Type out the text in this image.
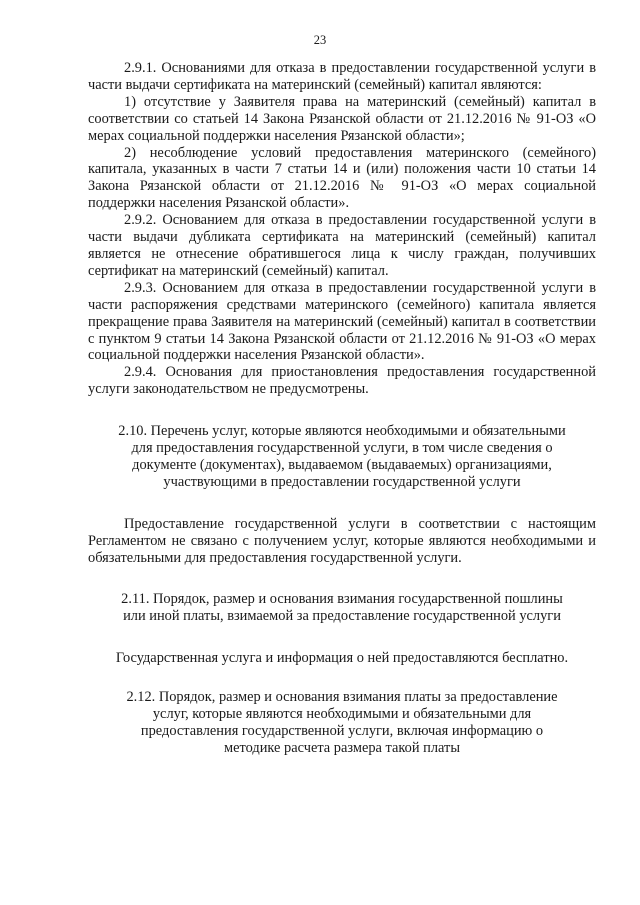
23

2.9.1. Основаниями для отказа в предоставлении государственной услуги в части выдачи сертификата на материнский (семейный) капитал являются:

1) отсутствие у Заявителя права на материнский (семейный) капитал в соответствии со статьей 14 Закона Рязанской области от 21.12.2016 № 91-ОЗ «О мерах социальной поддержки населения Рязанской области»;

2) несоблюдение условий предоставления материнского (семейного) капитала, указанных в части 7 статьи 14 и (или) положения части 10 статьи 14 Закона Рязанской области от 21.12.2016 № 91-ОЗ «О мерах социальной поддержки населения Рязанской области».

2.9.2. Основанием для отказа в предоставлении государственной услуги в части выдачи дубликата сертификата на материнский (семейный) капитал является не отнесение обратившегося лица к числу граждан, получивших сертификат на материнский (семейный) капитал.

2.9.3. Основанием для отказа в предоставлении государственной услуги в части распоряжения средствами материнского (семейного) капитала является прекращение права Заявителя на материнский (семейный) капитал в соответствии с пунктом 9 статьи 14 Закона Рязанской области от 21.12.2016 № 91-ОЗ «О мерах социальной поддержки населения Рязанской области».

2.9.4. Основания для приостановления предоставления государственной услуги законодательством не предусмотрены.

2.10. Перечень услуг, которые являются необходимыми и обязательными для предоставления государственной услуги, в том числе сведения о документе (документах), выдаваемом (выдаваемых) организациями, участвующими в предоставлении государственной услуги

Предоставление государственной услуги в соответствии с настоящим Регламентом не связано с получением услуг, которые являются необходимыми и обязательными для предоставления государственной услуги.

2.11. Порядок, размер и основания взимания государственной пошлины или иной платы, взимаемой за предоставление государственной услуги

Государственная услуга и информация о ней предоставляются бесплатно.

2.12. Порядок, размер и основания взимания платы за предоставление услуг, которые являются необходимыми и обязательными для предоставления государственной услуги, включая информацию о методике расчета размера такой платы
